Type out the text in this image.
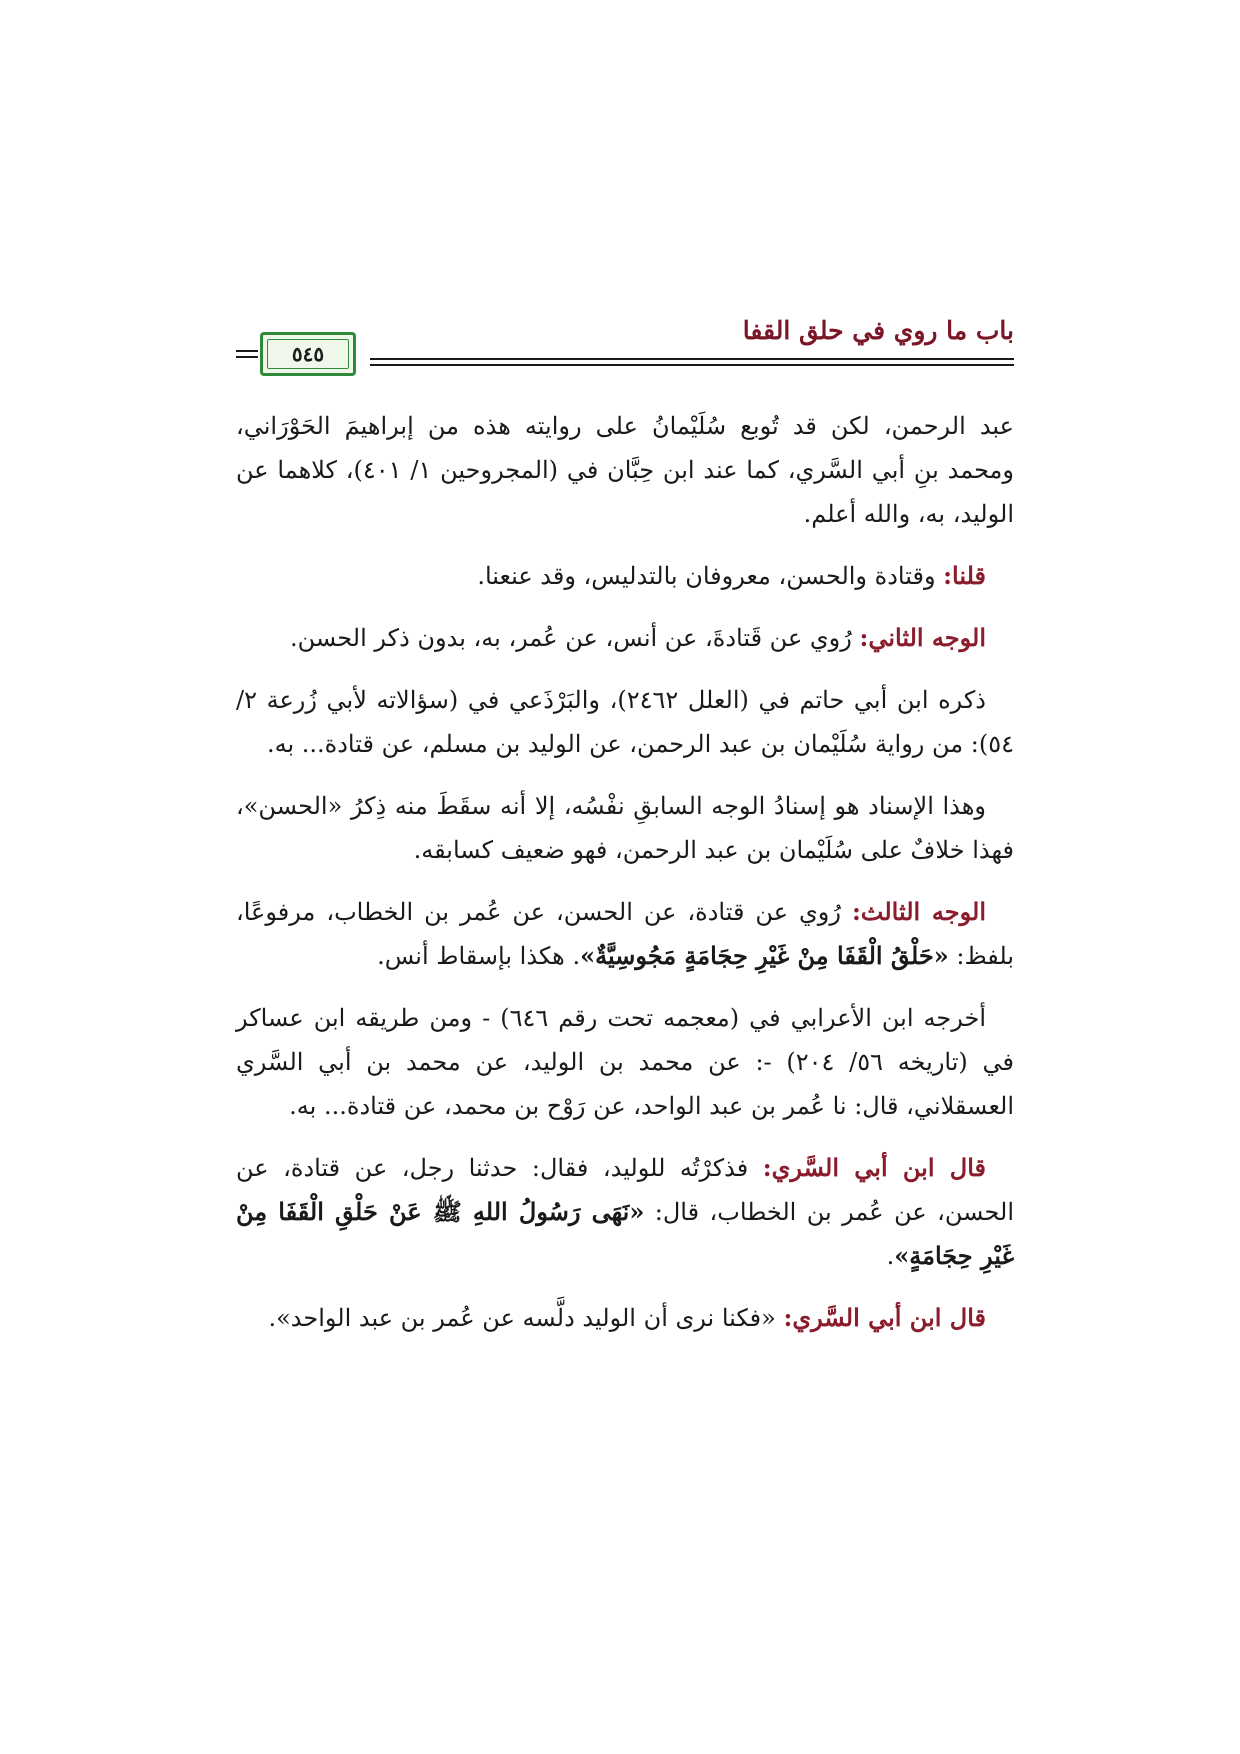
باب ما روي في حلق القفا
٥٤٥

عبد الرحمن، لكن قد تُوبع سُلَيْمانُ على روايته هذه من إبراهيمَ الحَوْرَاني، ومحمد بنِ أبي السَّري، كما عند ابن حِبَّان في (المجروحين ١/ ٤٠١)، كلاهما عن الوليد، به، والله أعلم.

قلنا: وقتادة والحسن، معروفان بالتدليس، وقد عنعنا.

الوجه الثاني: رُوي عن قَتادةَ، عن أنس، عن عُمر، به، بدون ذكر الحسن.

ذكره ابن أبي حاتم في (العلل ٢٤٦٢)، والبَرْذَعي في (سؤالاته لأبي زُرعة ٢/ ٥٤): من رواية سُلَيْمان بن عبد الرحمن، عن الوليد بن مسلم، عن قتادة... به.

وهذا الإسناد هو إسنادُ الوجه السابقِ نفْسُه، إلا أنه سقَطَ منه ذِكرُ «الحسن»، فهذا خلافٌ على سُلَيْمان بن عبد الرحمن، فهو ضعيف كسابقه.

الوجه الثالث: رُوي عن قتادة، عن الحسن، عن عُمر بن الخطاب، مرفوعًا، بلفظ: «حَلْقُ الْقَفَا مِنْ غَيْرِ حِجَامَةٍ مَجُوسِيَّةٌ». هكذا بإسقاط أنس.

أخرجه ابن الأعرابي في (معجمه تحت رقم ٦٤٦) - ومن طريقه ابن عساكر في (تاريخه ٥٦/ ٢٠٤) -: عن محمد بن الوليد، عن محمد بن أبي السَّري العسقلاني، قال: نا عُمر بن عبد الواحد، عن رَوْح بن محمد، عن قتادة... به.

قال ابن أبي السَّري: فذكرْتُه للوليد، فقال: حدثنا رجل، عن قتادة، عن الحسن، عن عُمر بن الخطاب، قال: «نَهَى رَسُولُ اللهِ ﷺ عَنْ حَلْقِ الْقَفَا مِنْ غَيْرِ حِجَامَةٍ».

قال ابن أبي السَّري: «فكنا نرى أن الوليد دلَّسه عن عُمر بن عبد الواحد».
